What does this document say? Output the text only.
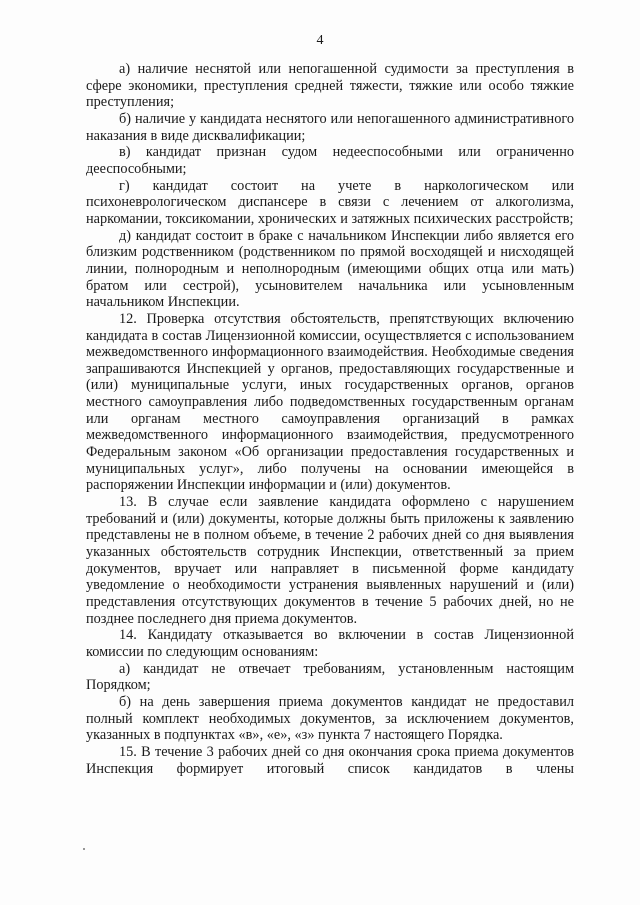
4

а) наличие неснятой или непогашенной судимости за преступления в сфере экономики, преступления средней тяжести, тяжкие или особо тяжкие преступления;

б) наличие у кандидата неснятого или непогашенного административного наказания в виде дисквалификации;

в) кандидат признан судом недееспособными или ограниченно дееспособными;

г) кандидат состоит на учете в наркологическом или психоневрологическом диспансере в связи с лечением от алкоголизма, наркомании, токсикомании, хронических и затяжных психических расстройств;

д) кандидат состоит в браке с начальником Инспекции либо является его близким родственником (родственником по прямой восходящей и нисходящей линии, полнородным и неполнородным (имеющими общих отца или мать) братом или сестрой), усыновителем начальника или усыновленным начальником Инспекции.

12. Проверка отсутствия обстоятельств, препятствующих включению кандидата в состав Лицензионной комиссии, осуществляется с использованием межведомственного информационного взаимодействия. Необходимые сведения запрашиваются Инспекцией у органов, предоставляющих государственные и (или) муниципальные услуги, иных государственных органов, органов местного самоуправления либо подведомственных государственным органам или органам местного самоуправления организаций в рамках межведомственного информационного взаимодействия, предусмотренного Федеральным законом «Об организации предоставления государственных и муниципальных услуг», либо получены на основании имеющейся в распоряжении Инспекции информации и (или) документов.

13. В случае если заявление кандидата оформлено с нарушением требований и (или) документы, которые должны быть приложены к заявлению представлены не в полном объеме, в течение 2 рабочих дней со дня выявления указанных обстоятельств сотрудник Инспекции, ответственный за прием документов, вручает или направляет в письменной форме кандидату уведомление о необходимости устранения выявленных нарушений и (или) представления отсутствующих документов в течение 5 рабочих дней, но не позднее последнего дня приема документов.

14. Кандидату отказывается во включении в состав Лицензионной комиссии по следующим основаниям:

а) кандидат не отвечает требованиям, установленным настоящим Порядком;

б) на день завершения приема документов кандидат не предоставил полный комплект необходимых документов, за исключением документов, указанных в подпунктах «в», «е», «з» пункта 7 настоящего Порядка.

15. В течение 3 рабочих дней со дня окончания срока приема документов Инспекция формирует итоговый список кандидатов в члены
